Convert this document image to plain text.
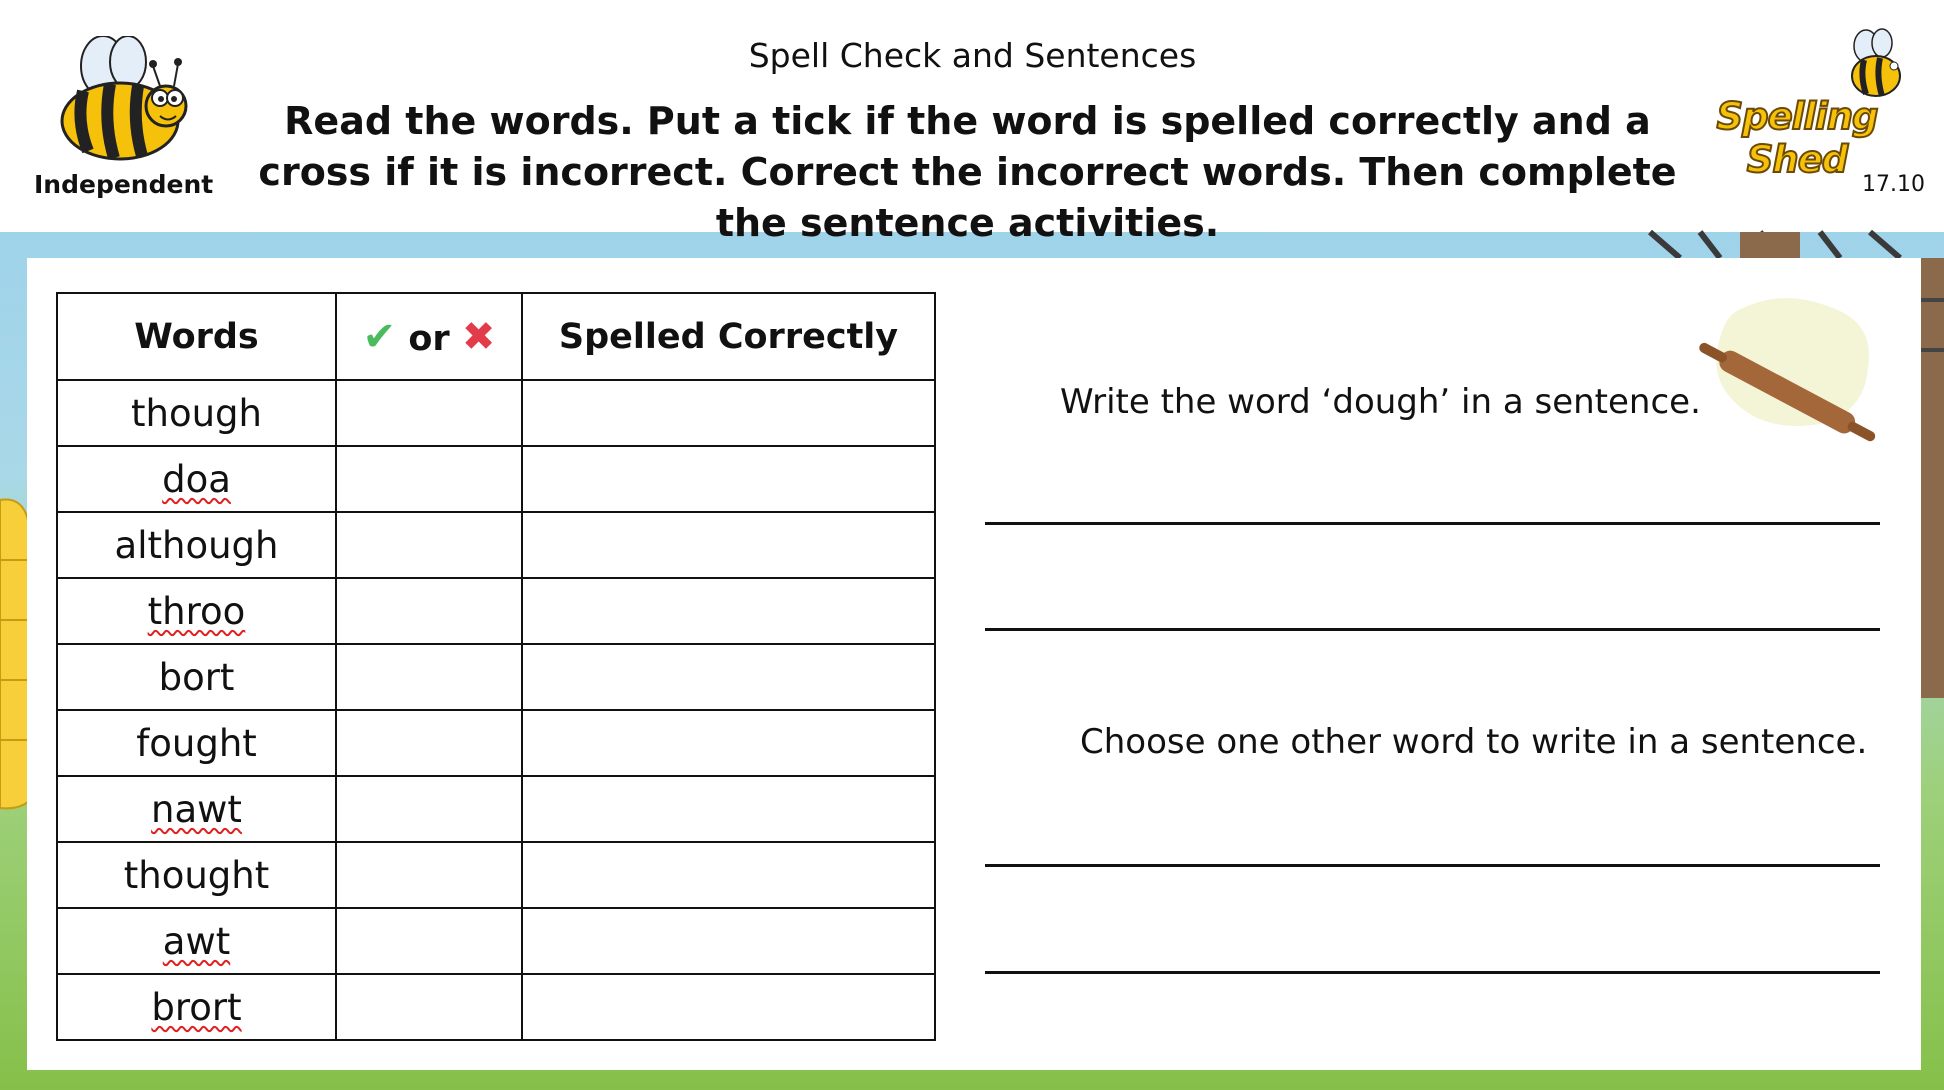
Independent
Spell Check and Sentences
Read the words. Put a tick if the word is spelled correctly and a cross if it is incorrect. Correct the incorrect words. Then complete the sentence activities.
Spelling Shed
17.10
Words	✔ or ✖	Spelled Correctly
though		
doa		
although		
throo		
bort		
fought		
nawt		
thought		
awt		
brort		
Write the word ‘dough’ in a sentence.
Choose one other word to write in a sentence.
